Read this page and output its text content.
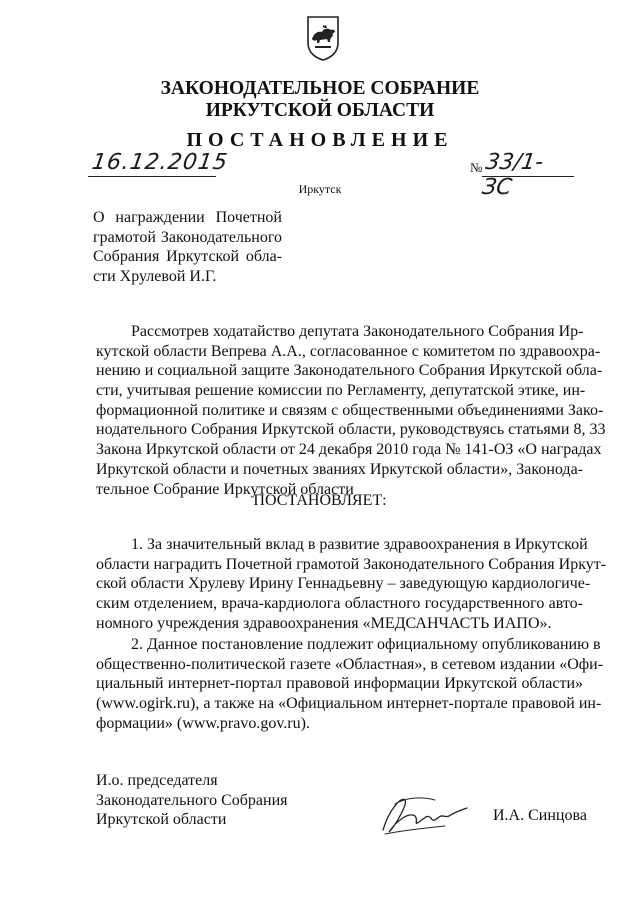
ЗАКОНОДАТЕЛЬНОЕ СОБРАНИЕ
ИРКУТСКОЙ ОБЛАСТИ
ПОСТАНОВЛЕНИЕ
16.12.2015	№ 33/1-ЗС
Иркутск
О награждении Почетной
грамотой Законодательного
Собрания Иркутской обла-
сти Хрулевой И.Г.
Рассмотрев ходатайство депутата Законодательного Собрания Ир-
кутской области Вепрева А.А., согласованное с комитетом по здравоохра-
нению и социальной защите Законодательного Собрания Иркутской обла-
сти, учитывая решение комиссии по Регламенту, депутатской этике, ин-
формационной политике и связям с общественными объединениями Зако-
нодательного Собрания Иркутской области, руководствуясь статьями 8, 33
Закона Иркутской области от 24 декабря 2010 года № 141-ОЗ «О наградах
Иркутской области и почетных званиях Иркутской области», Законода-
тельное Собрание Иркутской области
ПОСТАНОВЛЯЕТ:
1. За значительный вклад в развитие здравоохранения в Иркутской
области наградить Почетной грамотой Законодательного Собрания Иркут-
ской области Хрулеву Ирину Геннадьевну – заведующую кардиологиче-
ским отделением, врача-кардиолога областного государственного авто-
номного учреждения здравоохранения «МЕДСАНЧАСТЬ ИАПО».
2. Данное постановление подлежит официальному опубликованию в
общественно-политической газете «Областная», в сетевом издании «Офи-
циальный интернет-портал правовой информации Иркутской области»
(www.ogirk.ru), а также на «Официальном интернет-портале правовой ин-
формации» (www.pravo.gov.ru).
И.о. председателя
Законодательного Собрания
Иркутской области	И.А. Синцова
